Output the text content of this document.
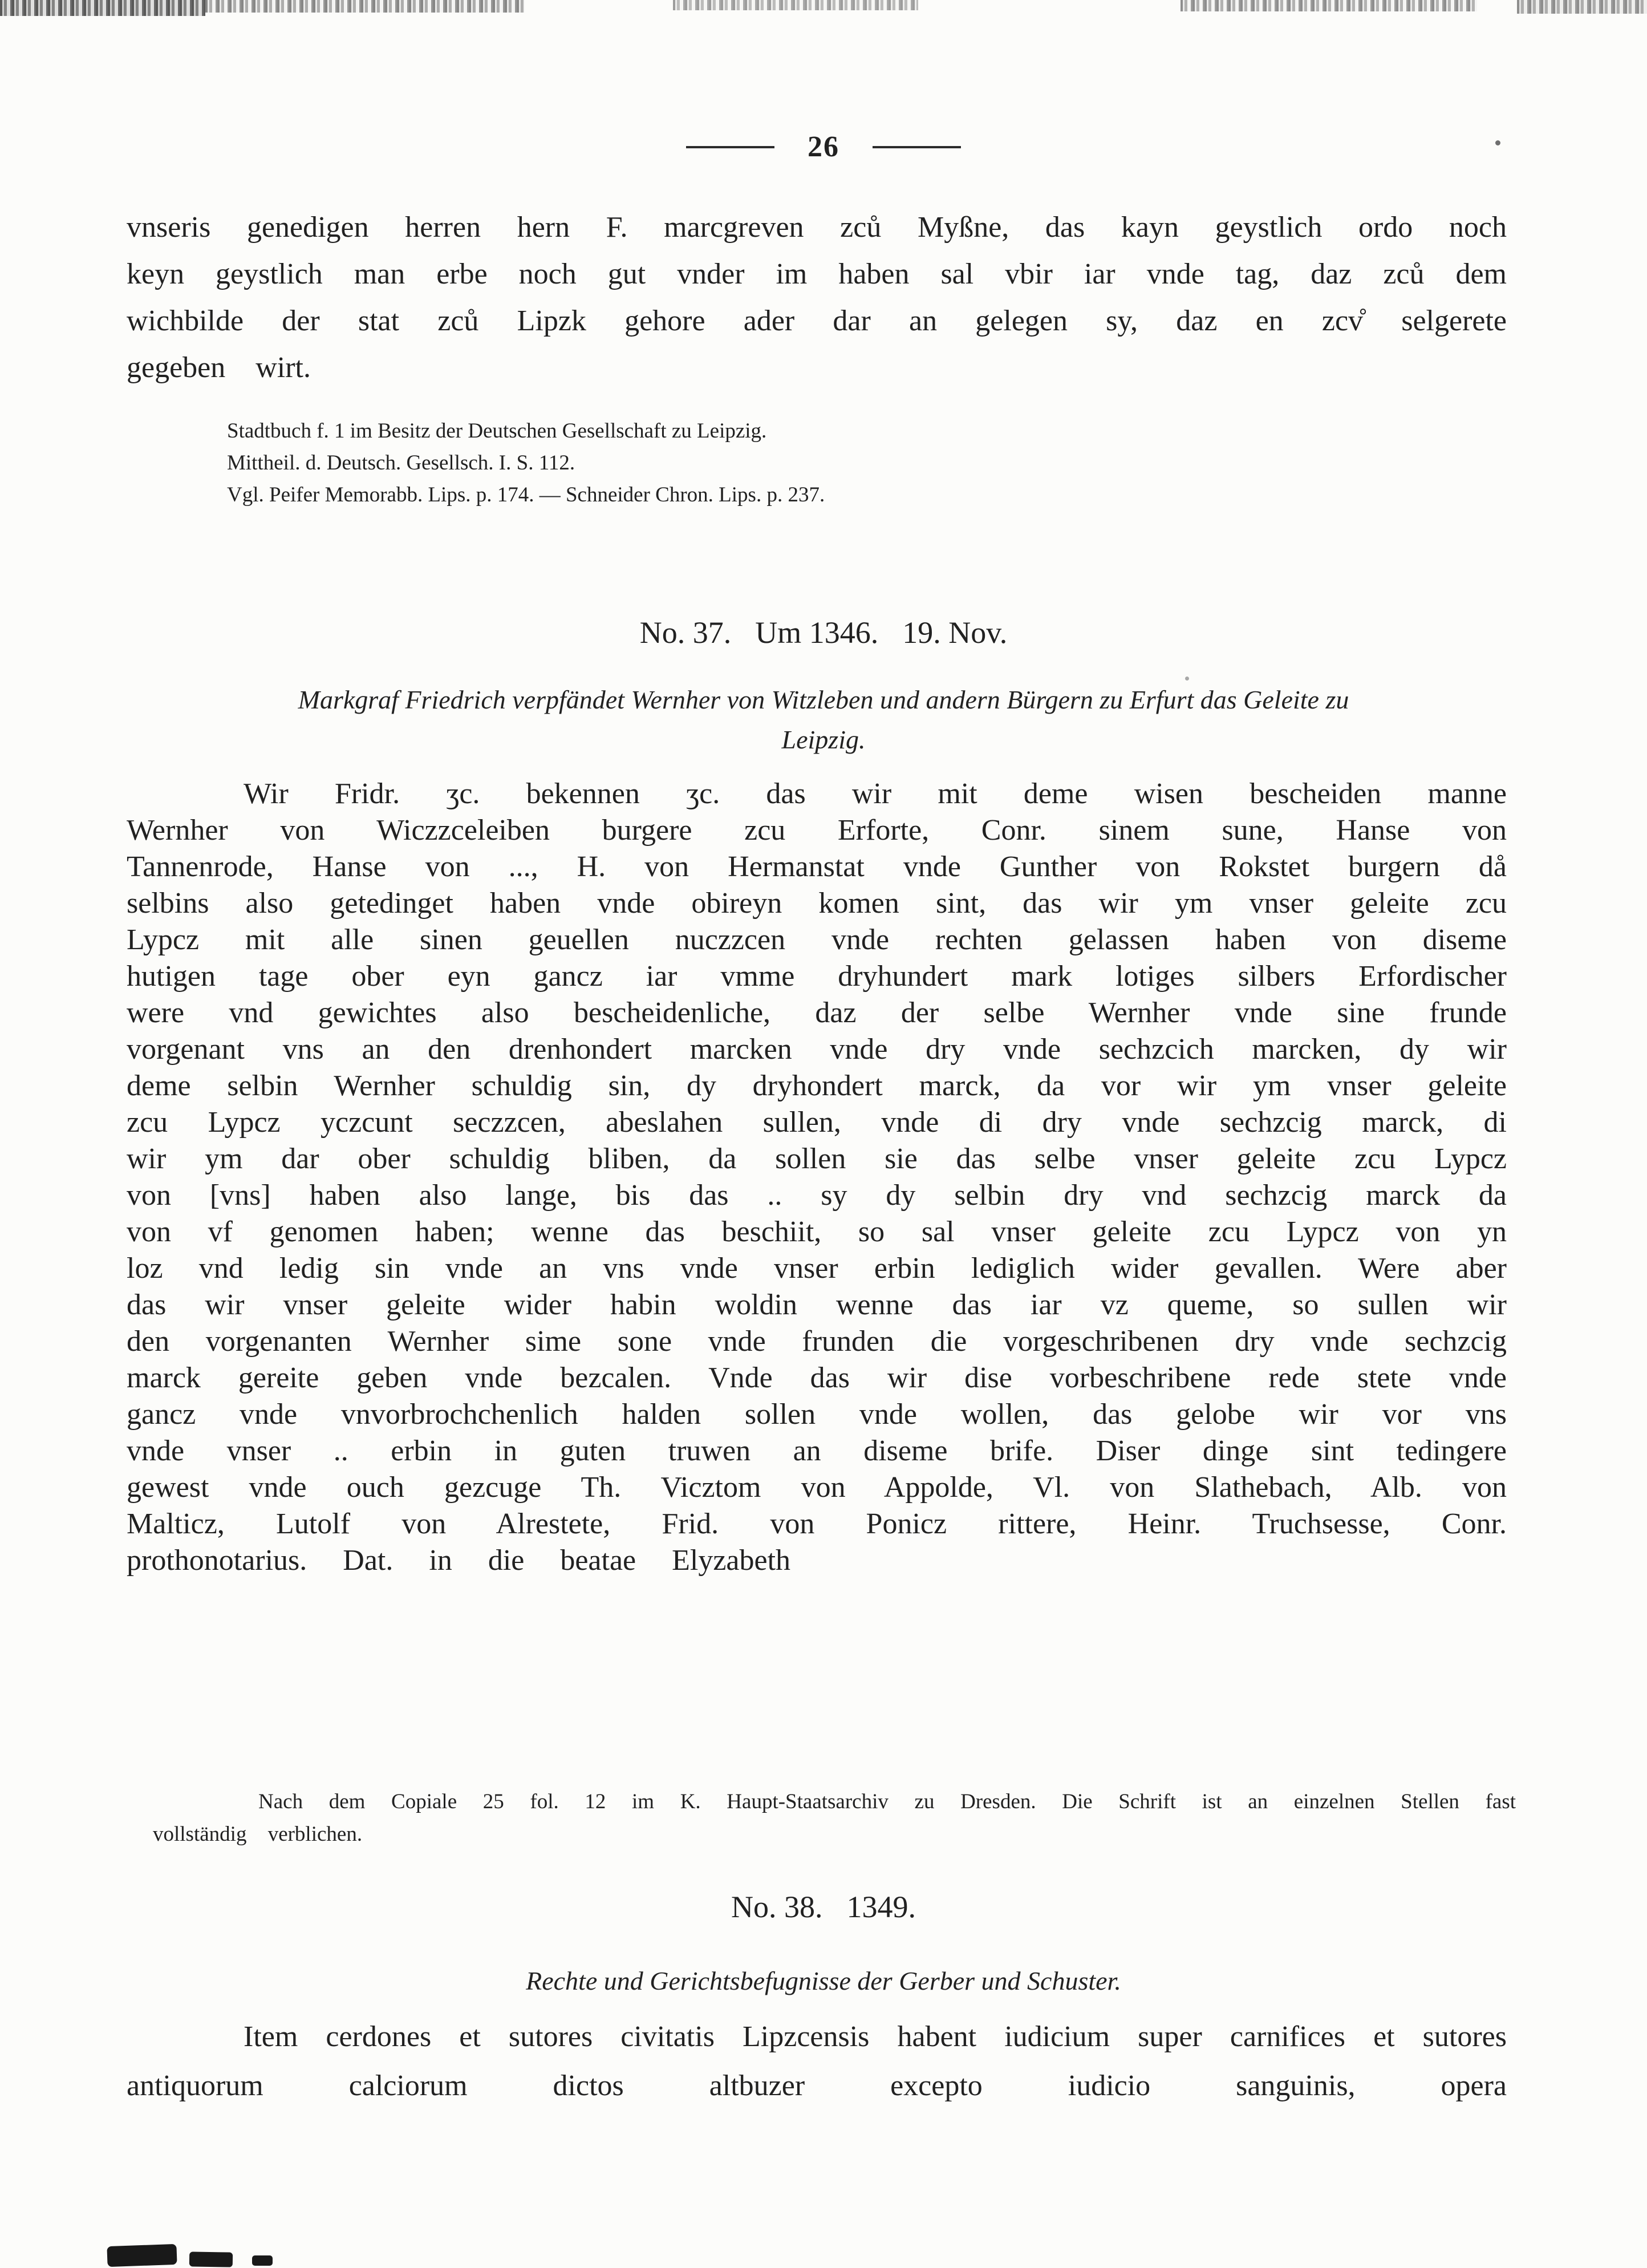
26

vnseris genedigen herren hern F. marcgreven zců Myßne, das kayn geystlich ordo noch keyn geystlich man erbe noch gut vnder im haben sal vbir iar vnde tag, daz zců dem wichbilde der stat zců Lipzk gehore ader dar an gelegen sy, daz en zcv̊ selgerete gegeben wirt.

Stadtbuch f. 1 im Besitz der Deutschen Gesellschaft zu Leipzig.
Mittheil. d. Deutsch. Gesellsch. I. S. 112.
Vgl. Peifer Memorabb. Lips. p. 174. — Schneider Chron. Lips. p. 237.
No. 37. Um 1346. 19. Nov.

Markgraf Friedrich verpfändet Wernher von Witzleben und andern Bürgern zu Erfurt das Geleite zu Leipzig.

Wir Fridr. ʒc. bekennen ʒc. das wir mit deme wisen bescheiden manne Wernher von Wiczzceleiben burgere zcu Erforte, Conr. sinem sune, Hanse von Tannenrode, Hanse von ..., H. von Hermanstat vnde Gunther von Rokstet burgern då selbins also getedinget haben vnde obireyn komen sint, das wir ym vnser geleite zcu Lypcz mit alle sinen geuellen nuczzcen vnde rechten gelassen haben von diseme hutigen tage ober eyn gancz iar vmme dryhundert mark lotiges silbers Erfordischer were vnd gewichtes also bescheidenliche, daz der selbe Wernher vnde sine frunde vorgenant vns an den drenhondert marcken vnde dry vnde sechzcich marcken, dy wir deme selbin Wernher schuldig sin, dy dryhondert marck, da vor wir ym vnser geleite zcu Lypcz yczcunt seczzcen, abeslahen sullen, vnde di dry vnde sechzcig marck, di wir ym dar ober schuldig bliben, da sollen sie das selbe vnser geleite zcu Lypcz von [vns] haben also lange, bis das .. sy dy selbin dry vnd sechzcig marck da von vf genomen haben; wenne das beschiit, so sal vnser geleite zcu Lypcz von yn loz vnd ledig sin vnde an vns vnde vnser erbin lediglich wider gevallen. Were aber das wir vnser geleite wider habin woldin wenne das iar vz queme, so sullen wir den vorgenanten Wernher sime sone vnde frunden die vorgeschribenen dry vnde sechzcig marck gereite geben vnde bezcalen. Vnde das wir dise vorbeschribene rede stete vnde gancz vnde vnvorbrochchenlich halden sollen vnde wollen, das gelobe wir vor vns vnde vnser .. erbin in guten truwen an diseme brife. Diser dinge sint tedingere gewest vnde ouch gezcuge Th. Vicztom von Appolde, Vl. von Slathebach, Alb. von Malticz, Lutolf von Alrestete, Frid. von Ponicz rittere, Heinr. Truchsesse, Conr. prothonotarius. Dat. in die beatae Elyzabeth

Nach dem Copiale 25 fol. 12 im K. Haupt-Staatsarchiv zu Dresden. Die Schrift ist an einzelnen Stellen fast vollständig verblichen.

No. 38. 1349.

Rechte und Gerichtsbefugnisse der Gerber und Schuster.

Item cerdones et sutores civitatis Lipzcensis habent iudicium super carnifices et sutores antiquorum calciorum dictos altbuzer excepto iudicio sanguinis, opera
